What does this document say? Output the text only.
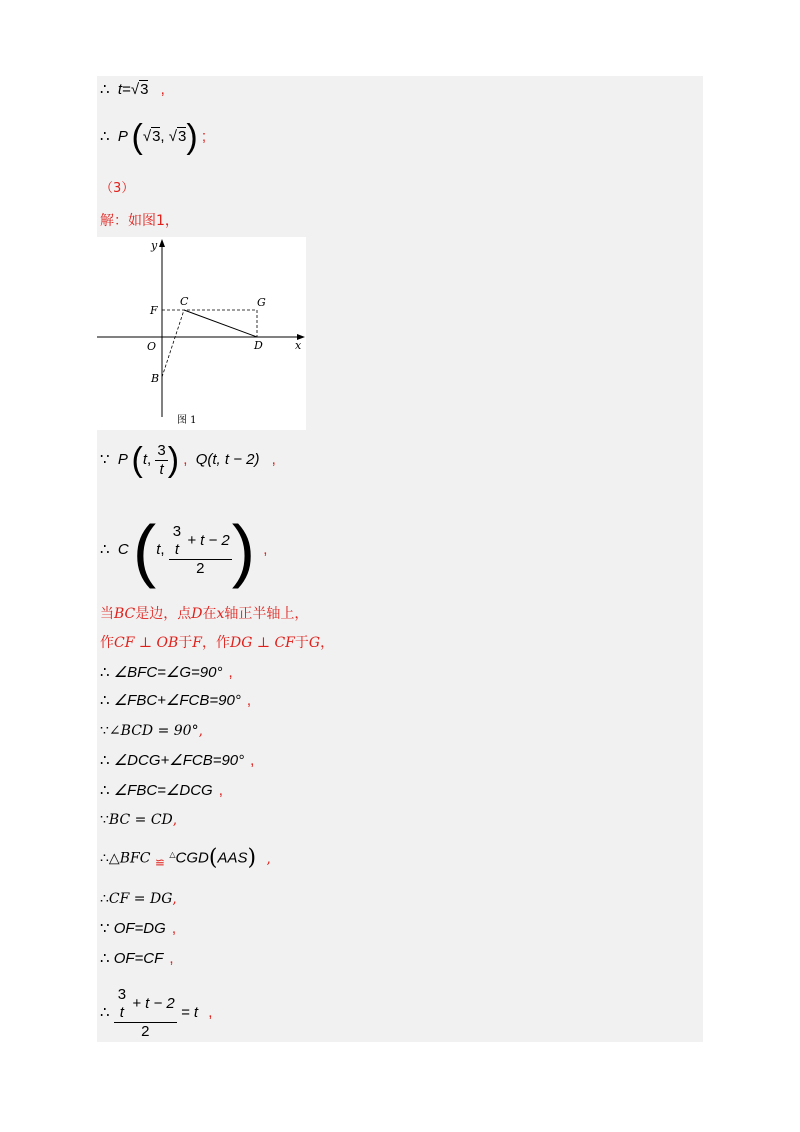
∴ t=√3 ,
∴ P (√3, √3) ;
（3）
解：如图1，
y
x
O
F
C	G
D
B
图 1
∵ P (t, $\frac{3}{t}$ ) , Q(t, t − 2) ,
∴ C (t, 3
t
+ t − 2
2 ) ,
当BC是边，点D在x轴正半轴上，
作CF ⊥ OB于F，作DG ⊥ CF于G，
∴ ∠BFC=∠G=90° ,
∴ ∠FBC+∠FCB=90° ,
∵∠BCD = 90°,
∴ ∠DCG+∠FCB=90° ,
∴ ∠FBC=∠DCG ,
∵BC = CD,
∴△BFC ≌ △CGD(AAS) ,
∴CF = DG,
∵ OF=DG ,
∴ OF=CF ,
∴ 3
t
+ t − 2
2 = t ,
